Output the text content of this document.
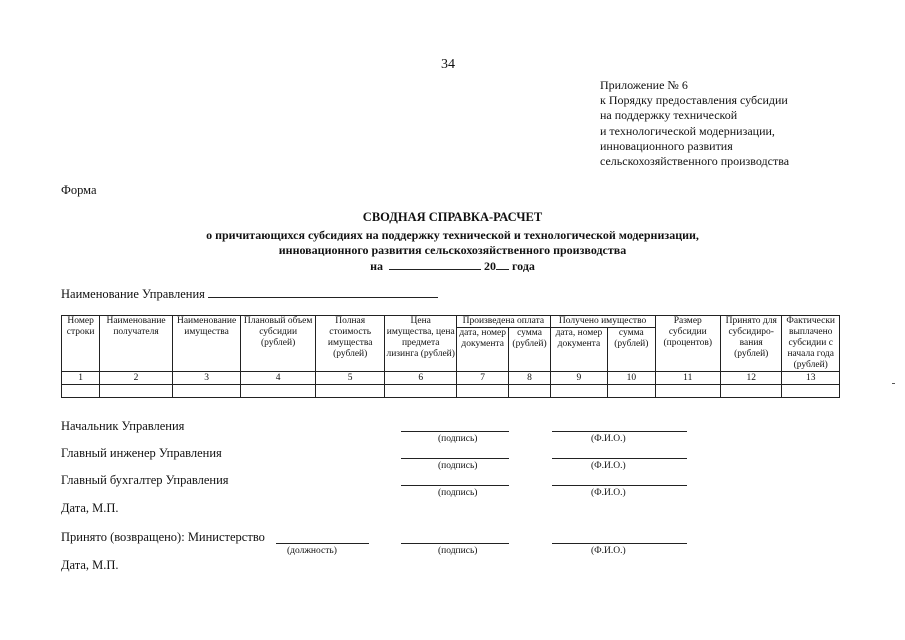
34
Приложение № 6
к Порядку предоставления субсидии
на поддержку технической
и технологической модернизации,
инновационного развития
сельскохозяйственного производства
Форма
СВОДНАЯ СПРАВКА-РАСЧЕТ
о причитающихся субсидиях на поддержку технической и технологической модернизации,
инновационного развития сельскохозяйственного производства
на	20 года
Наименование Управления
Номер строки	Наименование получателя	Наименование имущества	Плановый объем субсидии (рублей)	Полная стоимость имущества (рублей)	Цена имущества, цена предмета лизинга (рублей)	Произведена оплата		Получено имущество		Размер субсидии (процентов)	Принято для субсидиро-вания (рублей)	Фактически выплачено субсидии с начала года (рублей)
						дата, номер документа	сумма (рублей)	дата, номер документа	сумма (рублей)			
1	2	3	4	5	6	7	8	9	10	11	12	13

Начальник Управления
(подпись)	(Ф.И.О.)
Главный инженер Управления
(подпись)	(Ф.И.О.)
Главный бухгалтер Управления
(подпись)	(Ф.И.О.)
Дата, М.П.
Принято (возвращено): Министерство
(должность)	(подпись)	(Ф.И.О.)
Дата, М.П.
